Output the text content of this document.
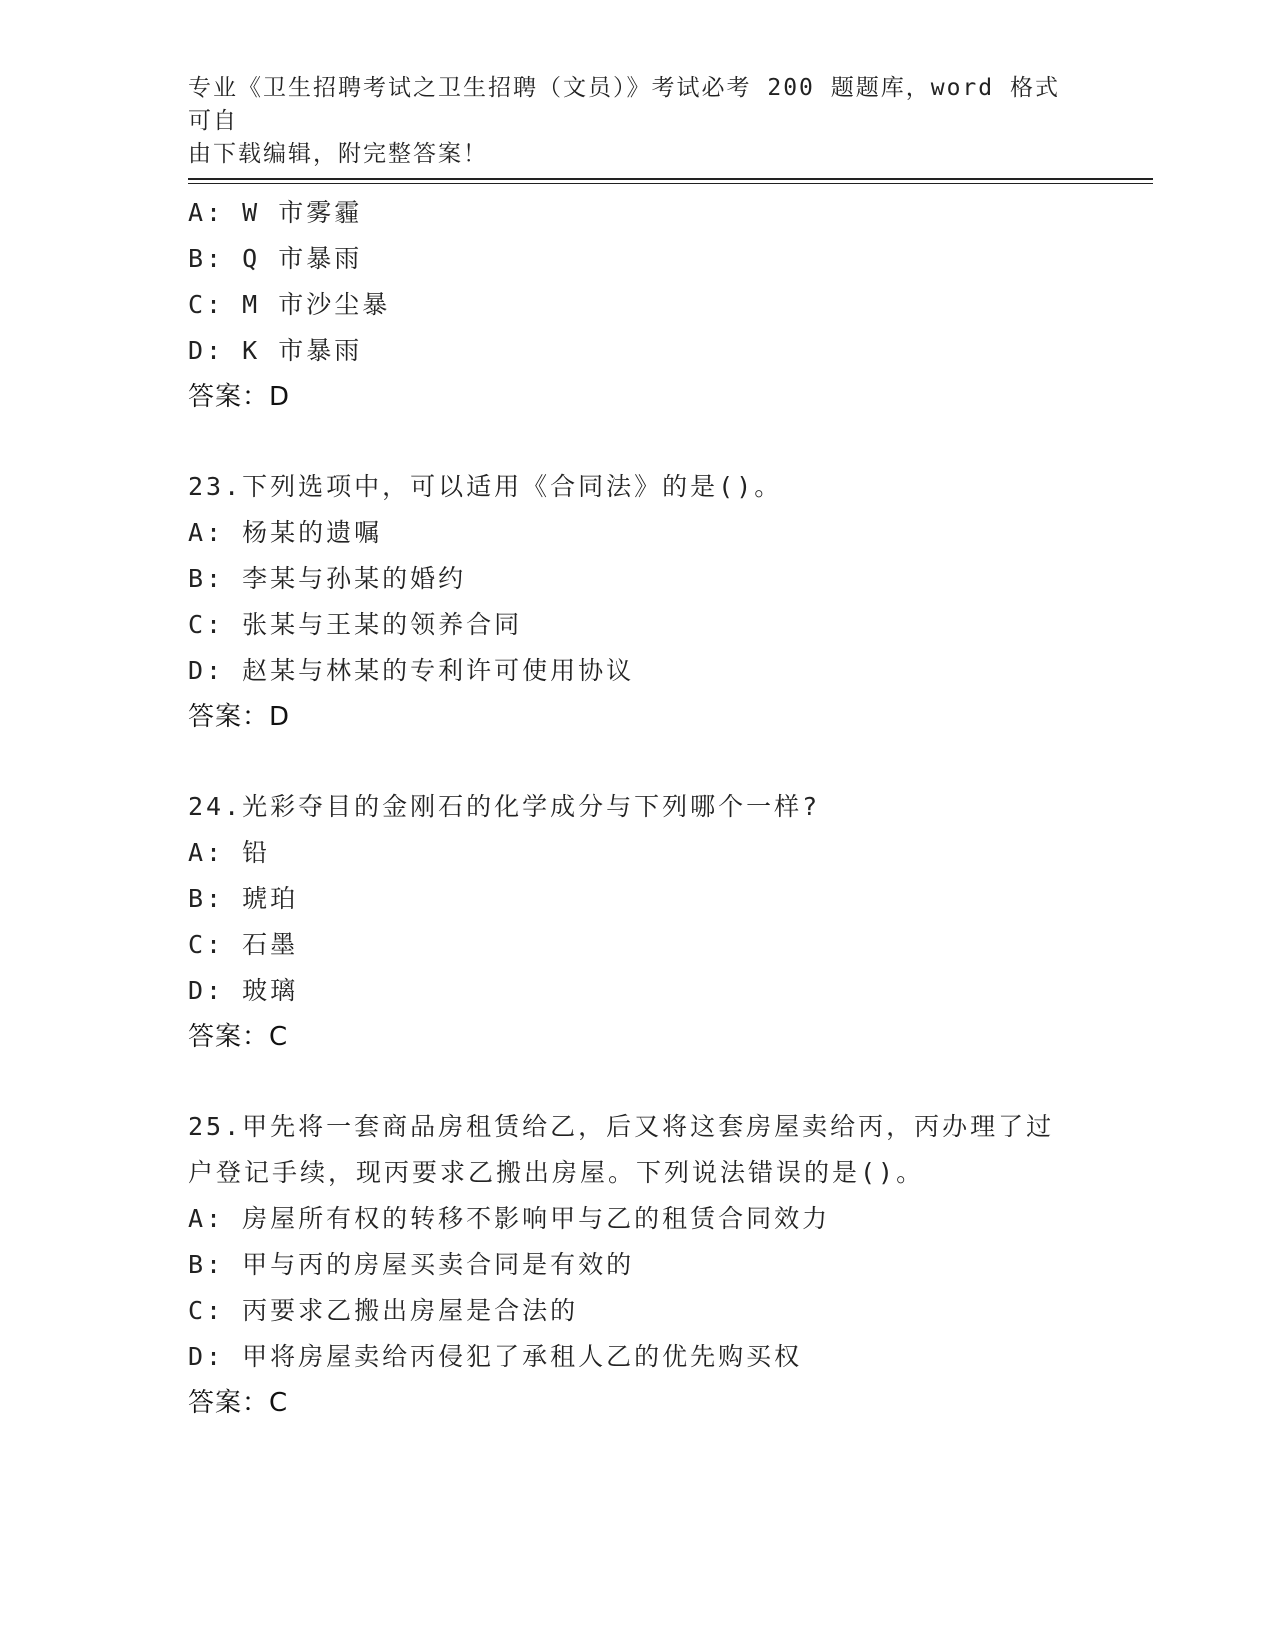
专业《卫生招聘考试之卫生招聘（文员）》考试必考 200 题题库，word 格式可自
由下载编辑，附完整答案！
A: W 市雾霾
B: Q 市暴雨
C: M 市沙尘暴
D: K 市暴雨
答案：D
23.下列选项中，可以适用《合同法》的是()。
A: 杨某的遗嘱
B: 李某与孙某的婚约
C: 张某与王某的领养合同
D: 赵某与林某的专利许可使用协议
答案：D
24.光彩夺目的金刚石的化学成分与下列哪个一样?
A: 铅
B: 琥珀
C: 石墨
D: 玻璃
答案：C
25.甲先将一套商品房租赁给乙，后又将这套房屋卖给丙，丙办理了过
户登记手续，现丙要求乙搬出房屋。下列说法错误的是()。
A: 房屋所有权的转移不影响甲与乙的租赁合同效力
B: 甲与丙的房屋买卖合同是有效的
C: 丙要求乙搬出房屋是合法的
D: 甲将房屋卖给丙侵犯了承租人乙的优先购买权
答案：C
